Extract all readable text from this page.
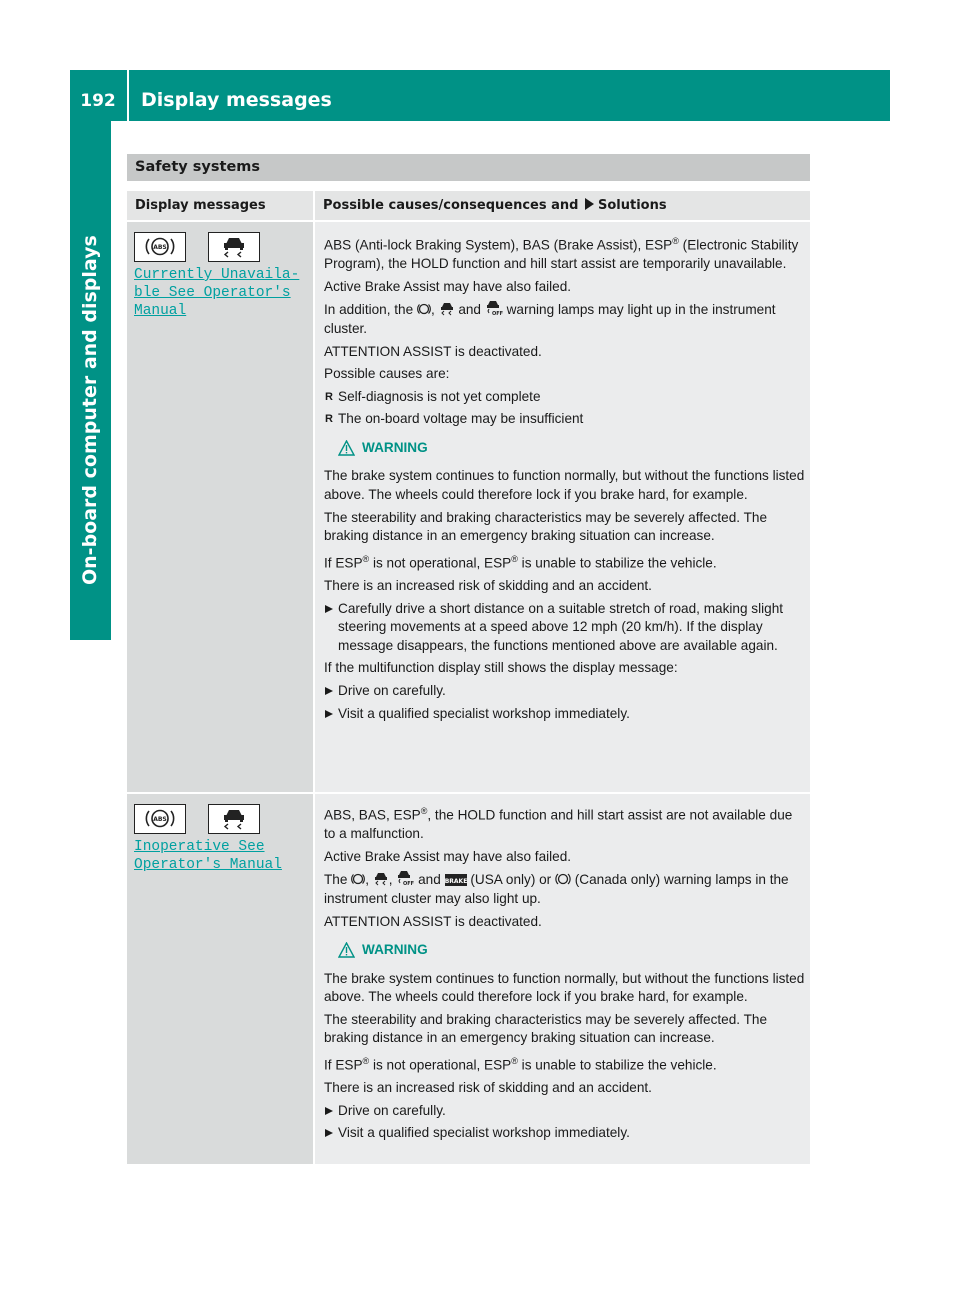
192	Display messages
On-board computer and displays
Safety systems
Display messages	Possible causes/consequences and Solutions
ABS
Currently Unavaila‐
ble See Operator's
Manual

ABS (Anti-lock Braking System), BAS (Brake Assist), ESP® (Electronic Stability Program), the HOLD function and hill start assist are temporarily unavailable.

Active Brake Assist may have also failed.

In addition, the ,  and OFF warning lamps may light up in the instrument cluster.

ATTENTION ASSIST is deactivated.

Possible causes are:

R Self-diagnosis is not yet complete

R The on-board voltage may be insufficient

WARNING

The brake system continues to function normally, but without the functions listed above. The wheels could therefore lock if you brake hard, for example.

The steerability and braking characteristics may be severely affected. The braking distance in an emergency braking situation can increase.

If ESP® is not operational, ESP® is unable to stabilize the vehicle.

There is an increased risk of skidding and an accident.

Carefully drive a short distance on a suitable stretch of road, making slight steering movements at a speed above 12 mph (20 km/h). If the display message disappears, the functions mentioned above are available again.

If the multifunction display still shows the display message:

Drive on carefully.

Visit a qualified specialist workshop immediately.

ABS
Inoperative See
Operator's Manual

ABS, BAS, ESP®, the HOLD function and hill start assist are not available due to a malfunction.

Active Brake Assist may have also failed.

The , , OFF and BRAKE (USA only) or (Canada only) warning lamps in the instrument cluster may also light up.

ATTENTION ASSIST is deactivated.

WARNING

The brake system continues to function normally, but without the functions listed above. The wheels could therefore lock if you brake hard, for example.

The steerability and braking characteristics may be severely affected. The braking distance in an emergency braking situation can increase.

If ESP® is not operational, ESP® is unable to stabilize the vehicle.

There is an increased risk of skidding and an accident.

Drive on carefully.

Visit a qualified specialist workshop immediately.
